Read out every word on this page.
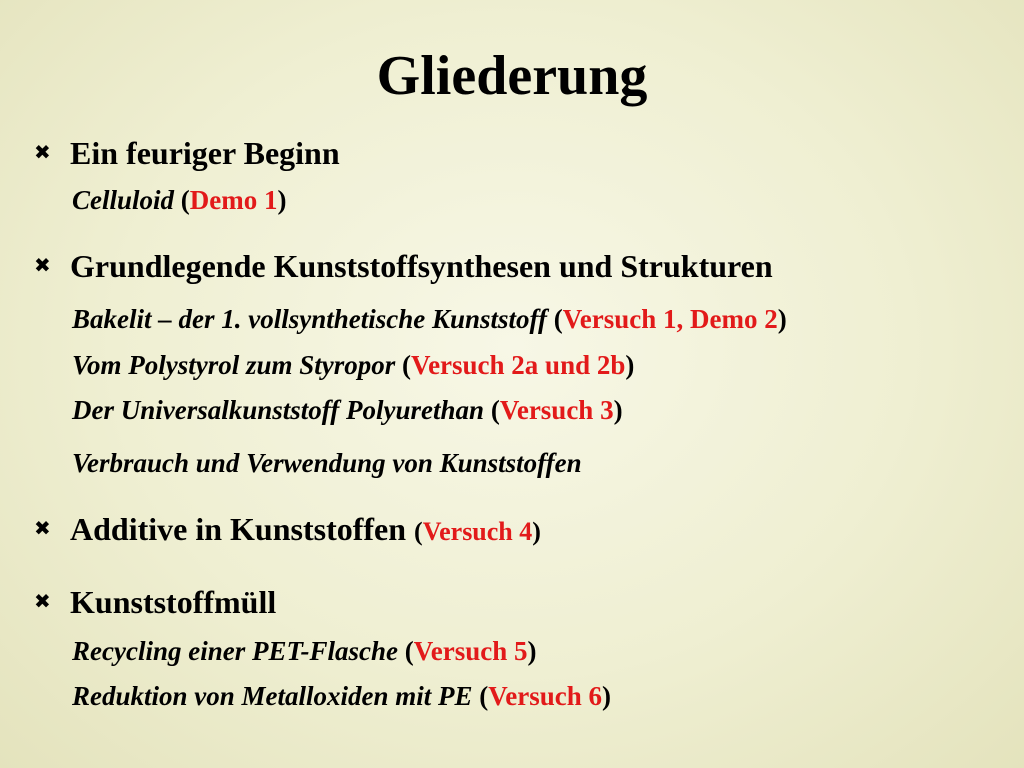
Gliederung
✖ Ein feuriger Beginn
Celluloid (Demo 1)
✖ Grundlegende Kunststoffsynthesen und Strukturen
Bakelit – der 1. vollsynthetische Kunststoff (Versuch 1, Demo 2)
Vom Polystyrol zum Styropor (Versuch 2a und 2b)
Der Universalkunststoff Polyurethan (Versuch 3)
Verbrauch und Verwendung von Kunststoffen
✖ Additive in Kunststoffen (Versuch 4)
✖ Kunststoffmüll
Recycling einer PET-Flasche (Versuch 5)
Reduktion von Metalloxiden mit PE (Versuch 6)
